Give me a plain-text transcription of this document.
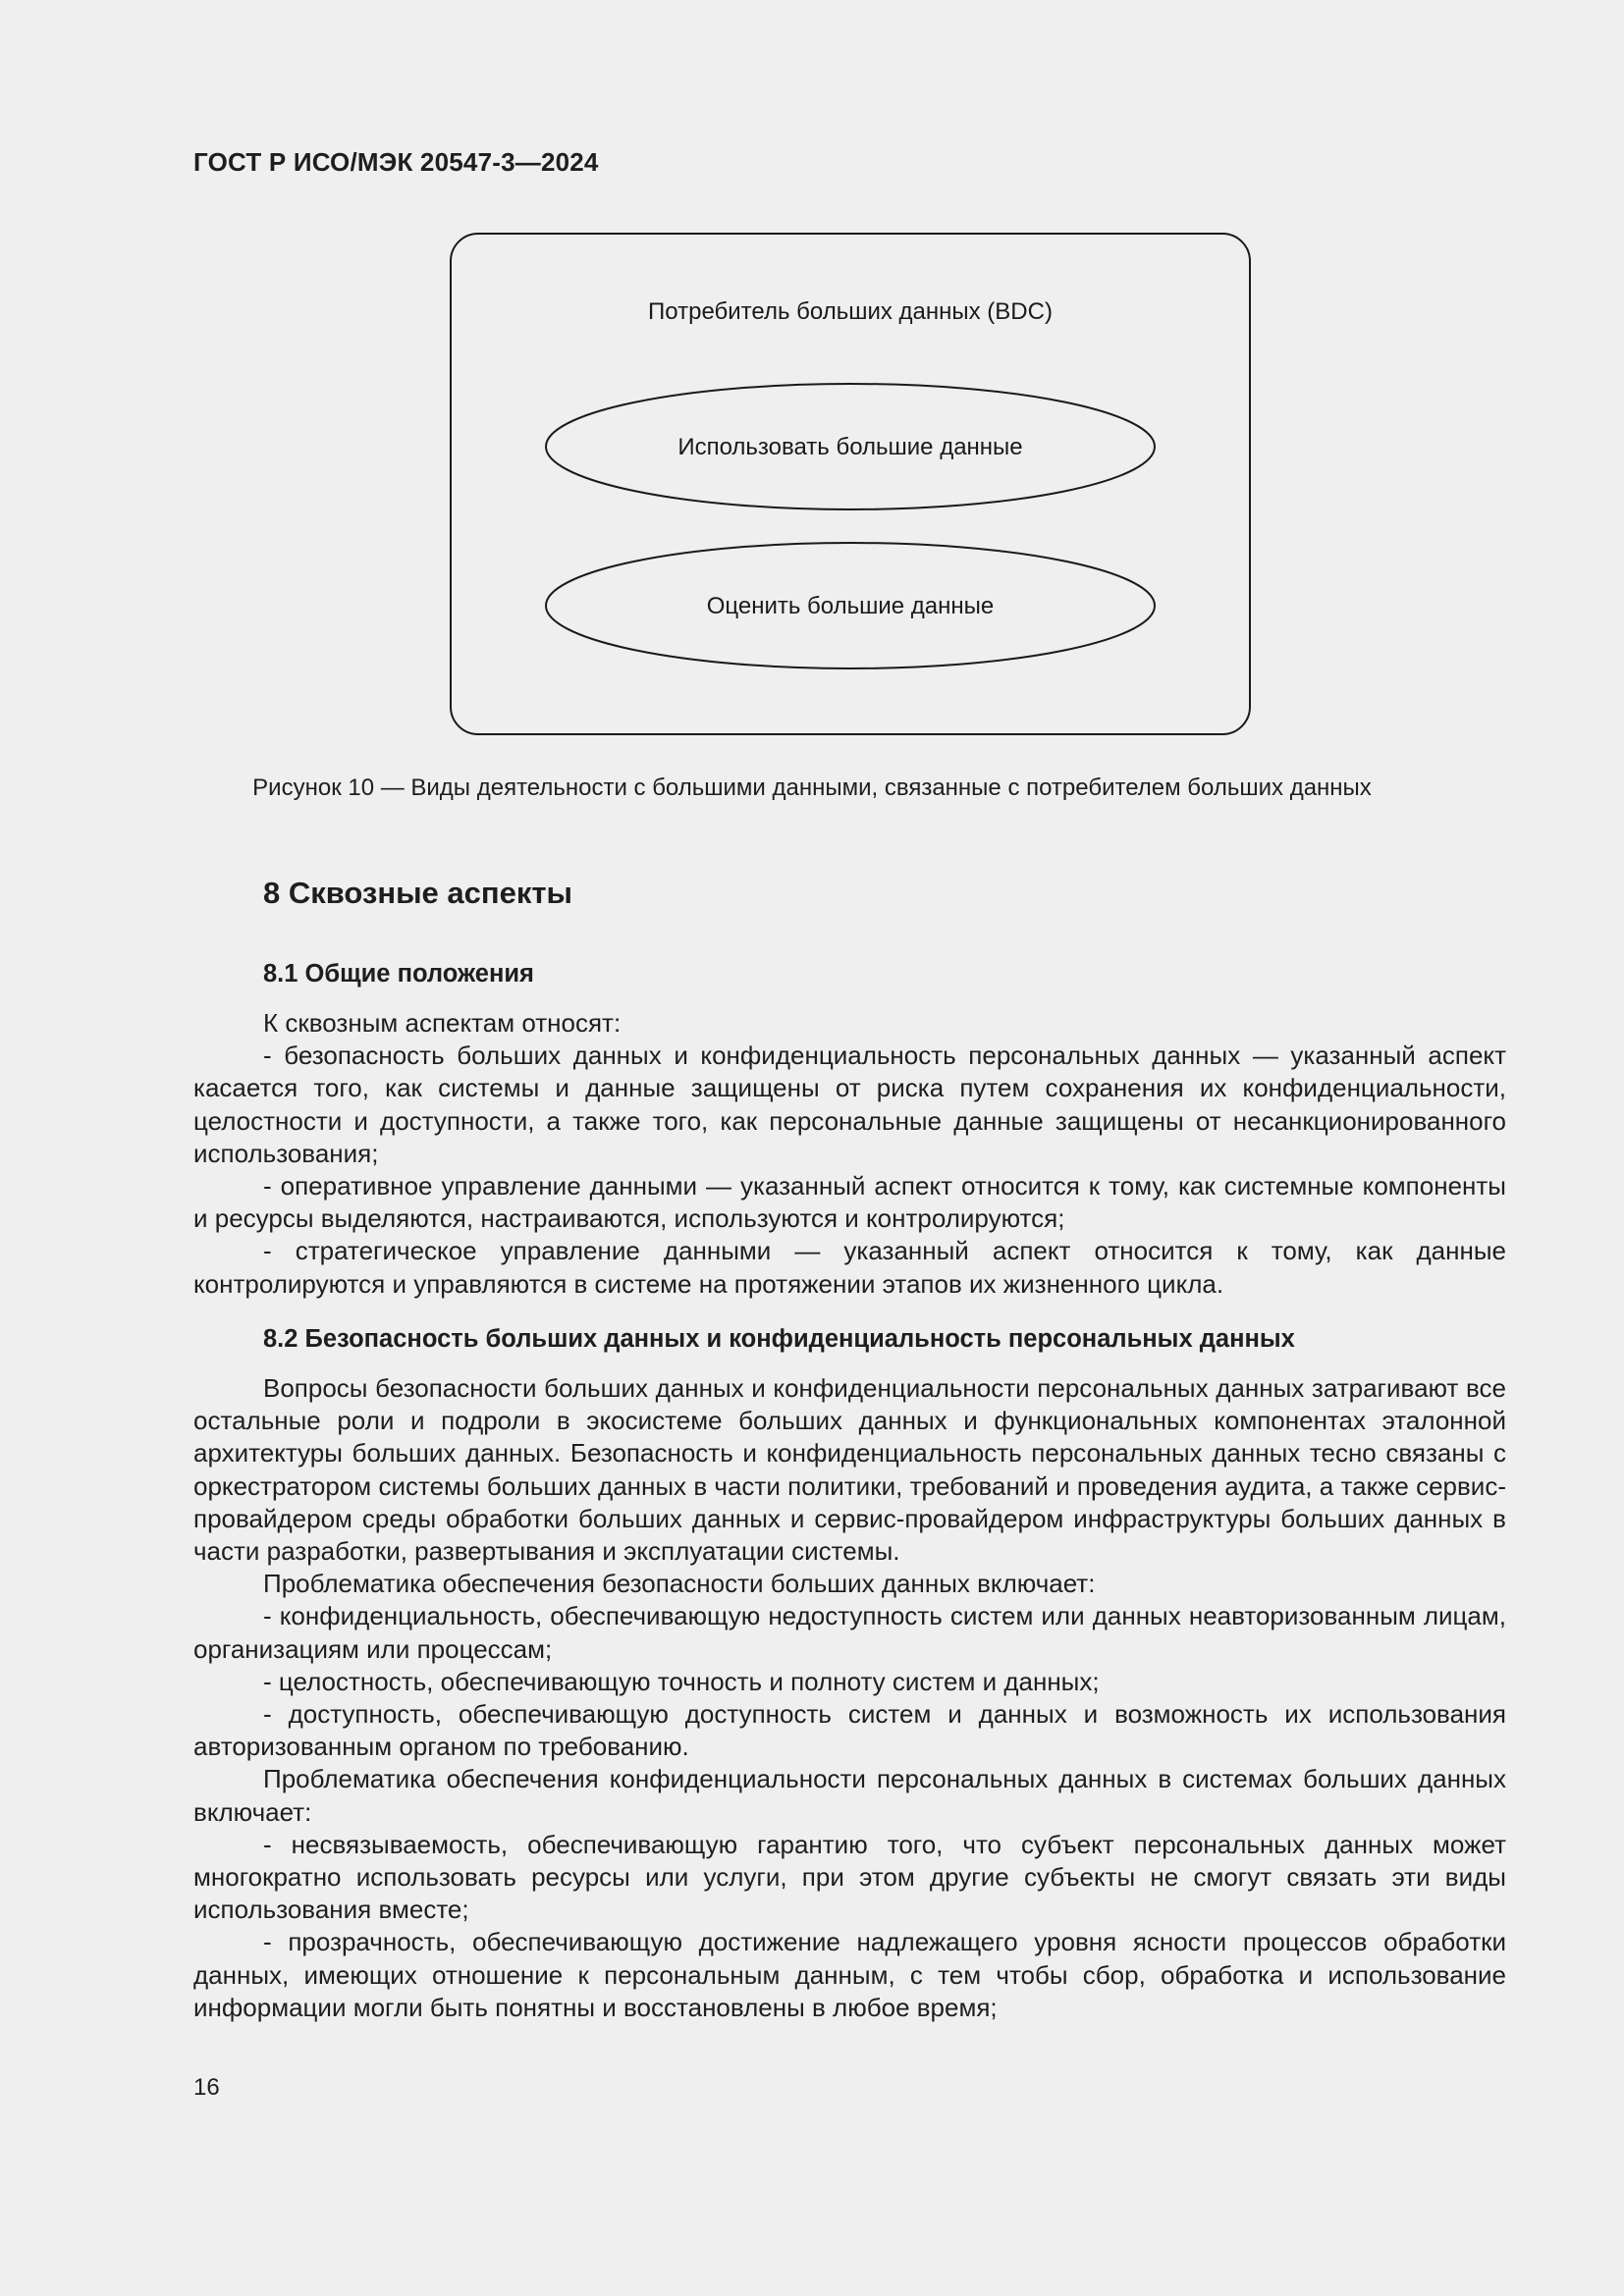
ГОСТ Р ИСО/МЭК 20547-3—2024
Потребитель больших данных (BDC)
Использовать большие данные
Оценить большие данные
Рисунок 10 — Виды деятельности с большими данными, связанные с потребителем больших данных
8 Сквозные аспекты
8.1 Общие положения

К сквозным аспектам относят:

- безопасность больших данных и конфиденциальность персональных данных — указанный аспект касается того, как системы и данные защищены от риска путем сохранения их конфиденциальности, целостности и доступности, а также того, как персональные данные защищены от несанкционированного использования;

- оперативное управление данными — указанный аспект относится к тому, как системные компоненты и ресурсы выделяются, настраиваются, используются и контролируются;

- стратегическое управление данными — указанный аспект относится к тому, как данные контролируются и управляются в системе на протяжении этапов их жизненного цикла.

8.2 Безопасность больших данных и конфиденциальность персональных данных

Вопросы безопасности больших данных и конфиденциальности персональных данных затрагивают все остальные роли и подроли в экосистеме больших данных и функциональных компонентах эталонной архитектуры больших данных. Безопасность и конфиденциальность персональных данных тесно связаны с оркестратором системы больших данных в части политики, требований и проведения аудита, а также сервис-провайдером среды обработки больших данных и сервис-провайдером инфраструктуры больших данных в части разработки, развертывания и эксплуатации системы.

Проблематика обеспечения безопасности больших данных включает:

- конфиденциальность, обеспечивающую недоступность систем или данных неавторизованным лицам, организациям или процессам;

- целостность, обеспечивающую точность и полноту систем и данных;

- доступность, обеспечивающую доступность систем и данных и возможность их использования авторизованным органом по требованию.

Проблематика обеспечения конфиденциальности персональных данных в системах больших данных включает:

- несвязываемость, обеспечивающую гарантию того, что субъект персональных данных может многократно использовать ресурсы или услуги, при этом другие субъекты не смогут связать эти виды использования вместе;

- прозрачность, обеспечивающую достижение надлежащего уровня ясности процессов обработки данных, имеющих отношение к персональным данным, с тем чтобы сбор, обработка и использование информации могли быть понятны и восстановлены в любое время;

16
